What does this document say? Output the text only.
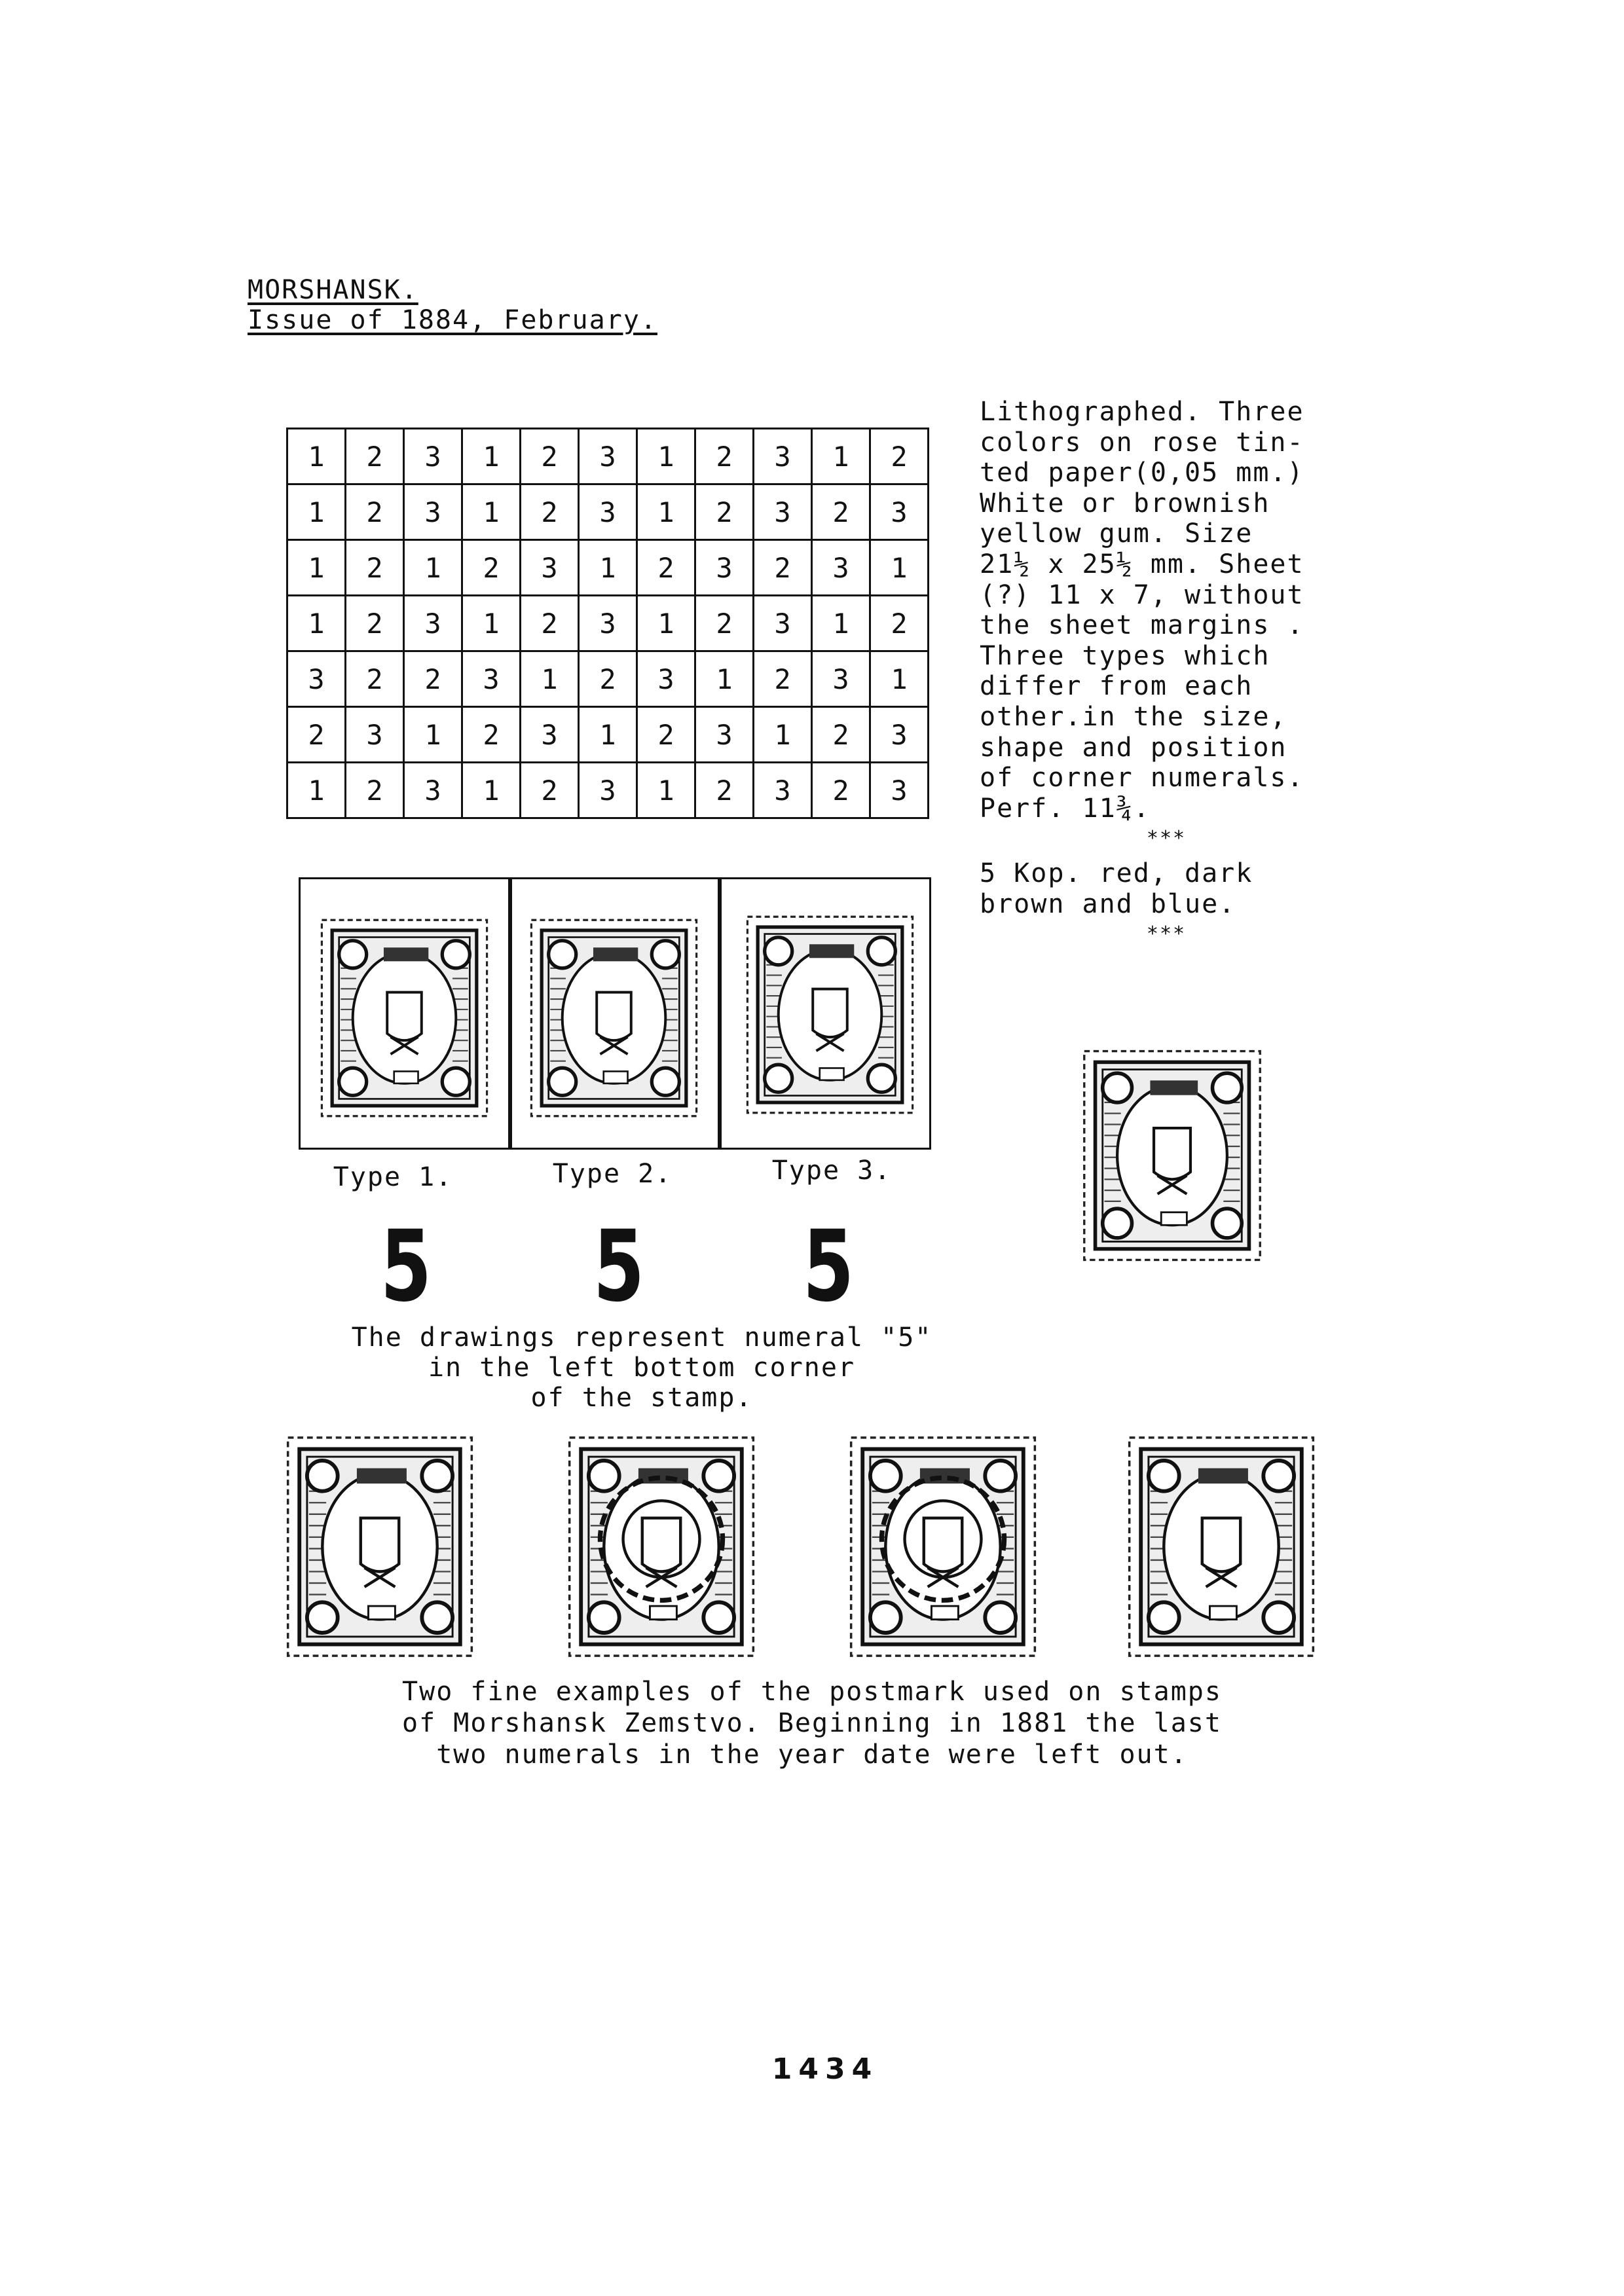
MORSHANSK.
Issue of 1884, February.
1	2	3	1	2	3	1	2	3	1	2
1	2	3	1	2	3	1	2	3	2	3
1	2	1	2	3	1	2	3	2	3	1
1	2	3	1	2	3	1	2	3	1	2
3	2	2	3	1	2	3	1	2	3	1
2	3	1	2	3	1	2	3	1	2	3
1	2	3	1	2	3	1	2	3	2	3

Lithographed. Three

colors on rose tin-

ted paper(0,05 mm.)

White or brownish

yellow gum. Size

21½ x 25½ mm. Sheet

(?) 11 x 7, without

the sheet margins .

Three types which

differ from each

other.in the size,

shape and position

of corner numerals.

Perf. 11¾.

***

5 Kop. red, dark

brown and blue.

***

Type 1.	Type 2.	Type 3.
5 5 5
The drawings represent numeral "5"
in the left bottom corner
of the stamp.
Two fine examples of the postmark used on stamps
of Morshansk Zemstvo. Beginning in 1881 the last
two numerals in the year date were left out.
1434
